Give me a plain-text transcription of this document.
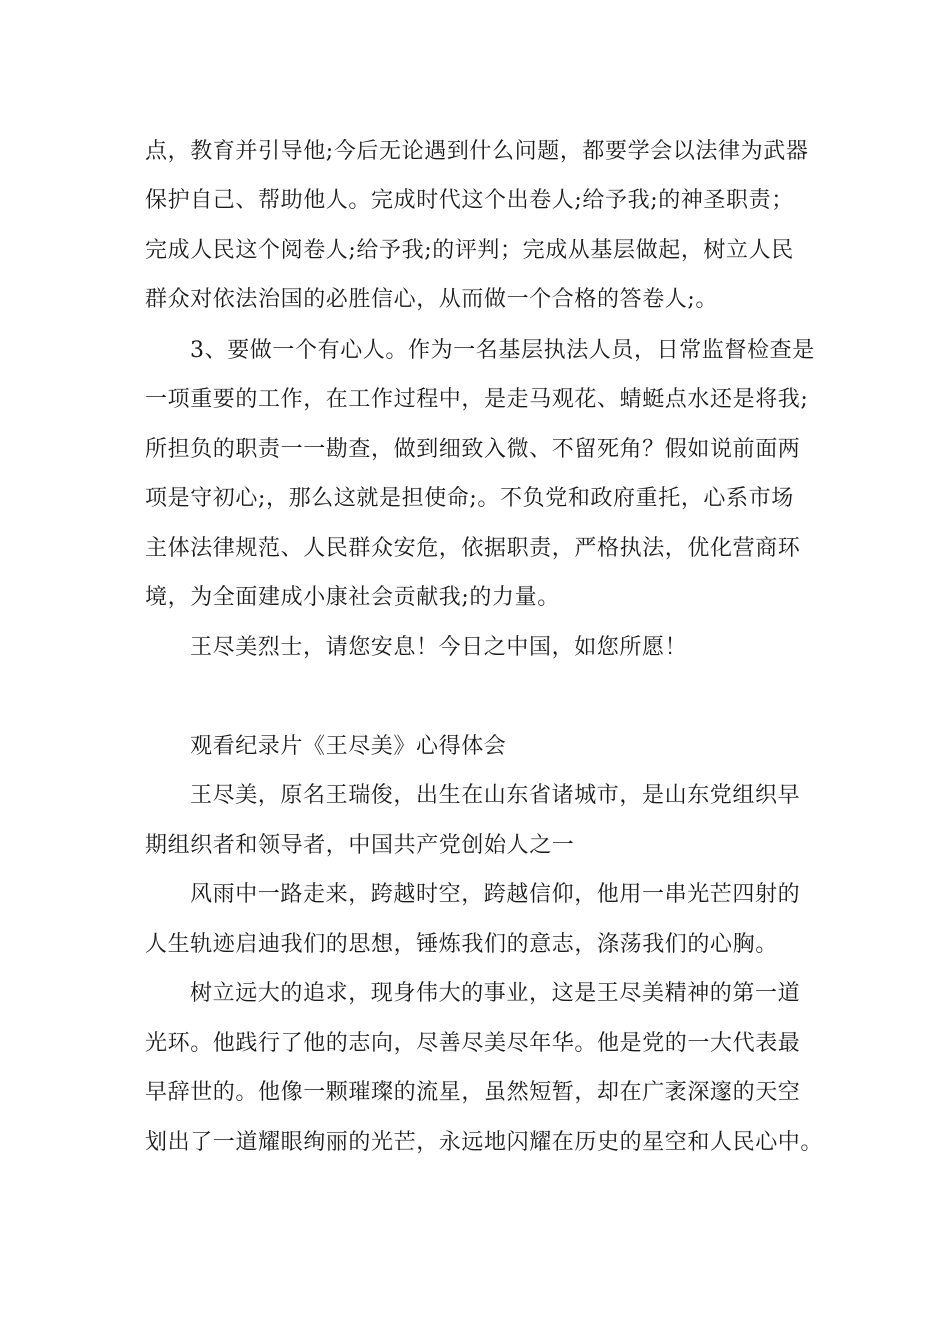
点，教育并引导他;今后无论遇到什么问题，都要学会以法律为武器
保护自己、帮助他人。完成时代这个出卷人;给予我;的神圣职责；
完成人民这个阅卷人;给予我;的评判；完成从基层做起，树立人民
群众对依法治国的必胜信心，从而做一个合格的答卷人;。
3、要做一个有心人。作为一名基层执法人员，日常监督检查是
一项重要的工作，在工作过程中，是走马观花、蜻蜓点水还是将我;
所担负的职责一一勘查，做到细致入微、不留死角？假如说前面两
项是守初心;，那么这就是担使命;。不负党和政府重托，心系市场
主体法律规范、人民群众安危，依据职责，严格执法，优化营商环
境，为全面建成小康社会贡献我;的力量。
王尽美烈士，请您安息！今日之中国，如您所愿！
观看纪录片《王尽美》心得体会
王尽美，原名王瑞俊，出生在山东省诸城市，是山东党组织早
期组织者和领导者，中国共产党创始人之一
风雨中一路走来，跨越时空，跨越信仰，他用一串光芒四射的
人生轨迹启迪我们的思想，锤炼我们的意志，涤荡我们的心胸。
树立远大的追求，现身伟大的事业，这是王尽美精神的第一道
光环。他践行了他的志向，尽善尽美尽年华。他是党的一大代表最
早辞世的。他像一颗璀璨的流星，虽然短暂，却在广袤深邃的天空
划出了一道耀眼绚丽的光芒，永远地闪耀在历史的星空和人民心中。
